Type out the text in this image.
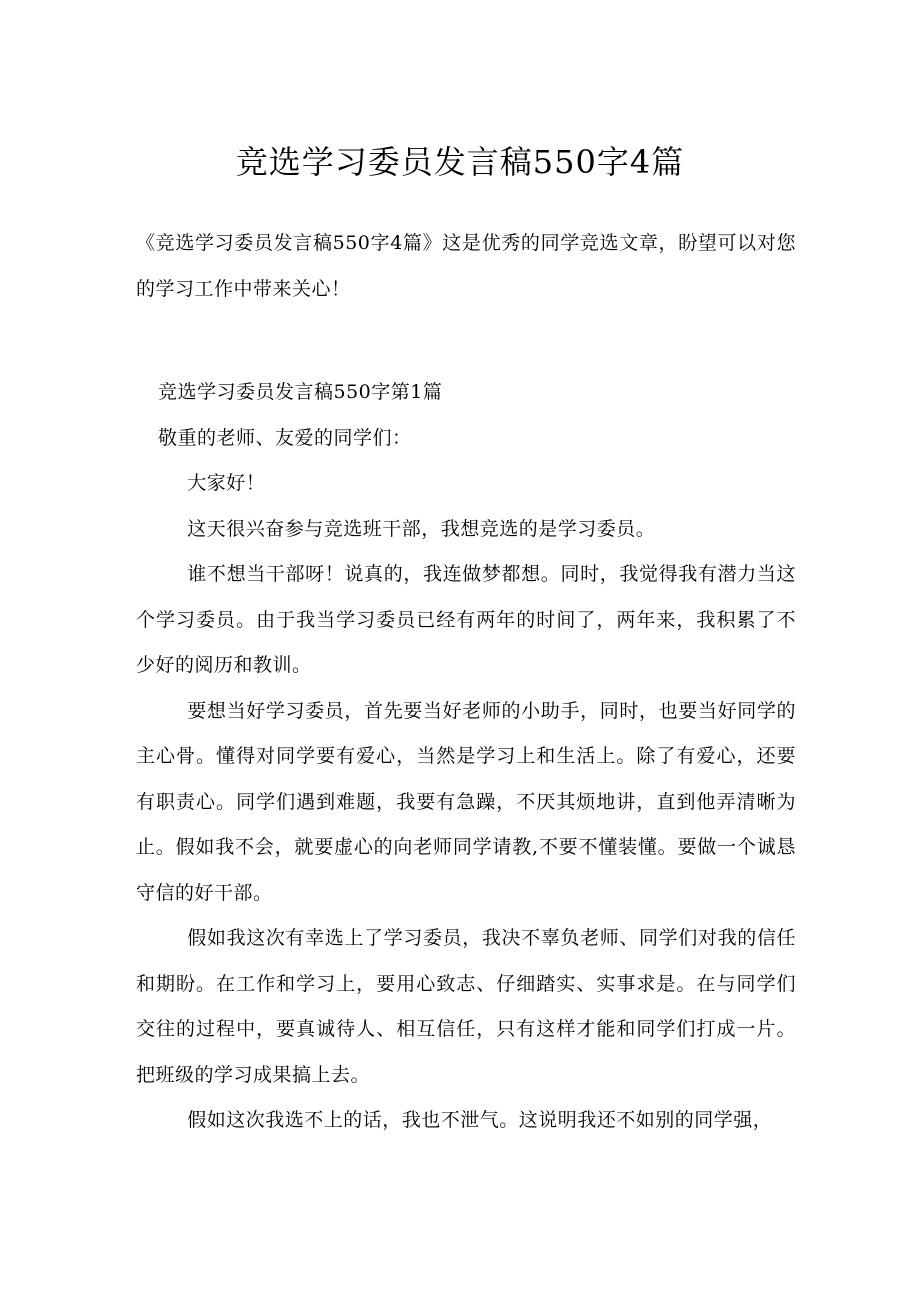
竞选学习委员发言稿550字4篇

《竞选学习委员发言稿550字4篇》这是优秀的同学竞选文章，盼望可以对您的学习工作中带来关心！

竞选学习委员发言稿550字第1篇

敬重的老师、友爱的同学们：

大家好！

这天很兴奋参与竞选班干部，我想竞选的是学习委员。

谁不想当干部呀！说真的，我连做梦都想。同时，我觉得我有潜力当这个学习委员。由于我当学习委员已经有两年的时间了，两年来，我积累了不少好的阅历和教训。

要想当好学习委员，首先要当好老师的小助手，同时，也要当好同学的主心骨。懂得对同学要有爱心，当然是学习上和生活上。除了有爱心，还要有职责心。同学们遇到难题，我要有急躁，不厌其烦地讲，直到他弄清晰为止。假如我不会，就要虚心的向老师同学请教,不要不懂装懂。要做一个诚恳守信的好干部。

假如我这次有幸选上了学习委员，我决不辜负老师、同学们对我的信任和期盼。在工作和学习上，要用心致志、仔细踏实、实事求是。在与同学们交往的过程中，要真诚待人、相互信任，只有这样才能和同学们打成一片。把班级的学习成果搞上去。

假如这次我选不上的话，我也不泄气。这说明我还不如别的同学强，
